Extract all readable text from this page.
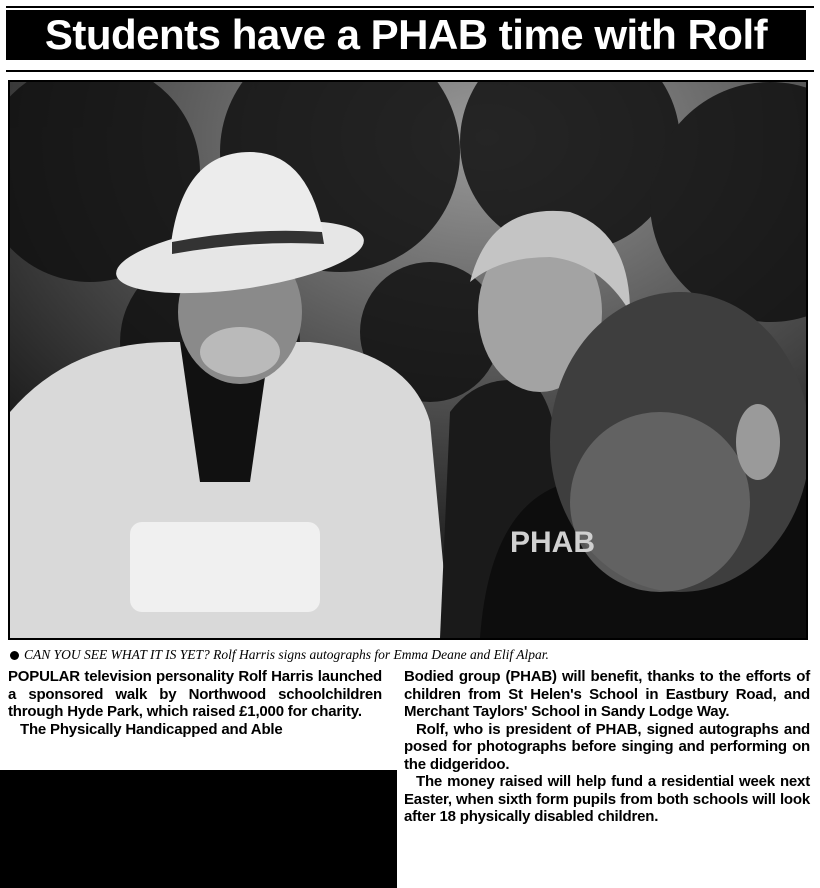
Students have a PHAB time with Rolf
PHAB
CAN YOU SEE WHAT IT IS YET? Rolf Harris signs autographs for Emma Deane and Elif Alpar.

POPULAR television personality Rolf Harris launched a sponsored walk by Northwood schoolchildren through Hyde Park, which raised £1,000 for charity.

The Physically Handicapped and Able

Bodied group (PHAB) will benefit, thanks to the efforts of children from St Helen's School in Eastbury Road, and Merchant Taylors' School in Sandy Lodge Way.

Rolf, who is president of PHAB, signed autographs and posed for photographs before singing and performing on the didgeridoo.

The money raised will help fund a residential week next Easter, when sixth form pupils from both schools will look after 18 physically disabled children.
